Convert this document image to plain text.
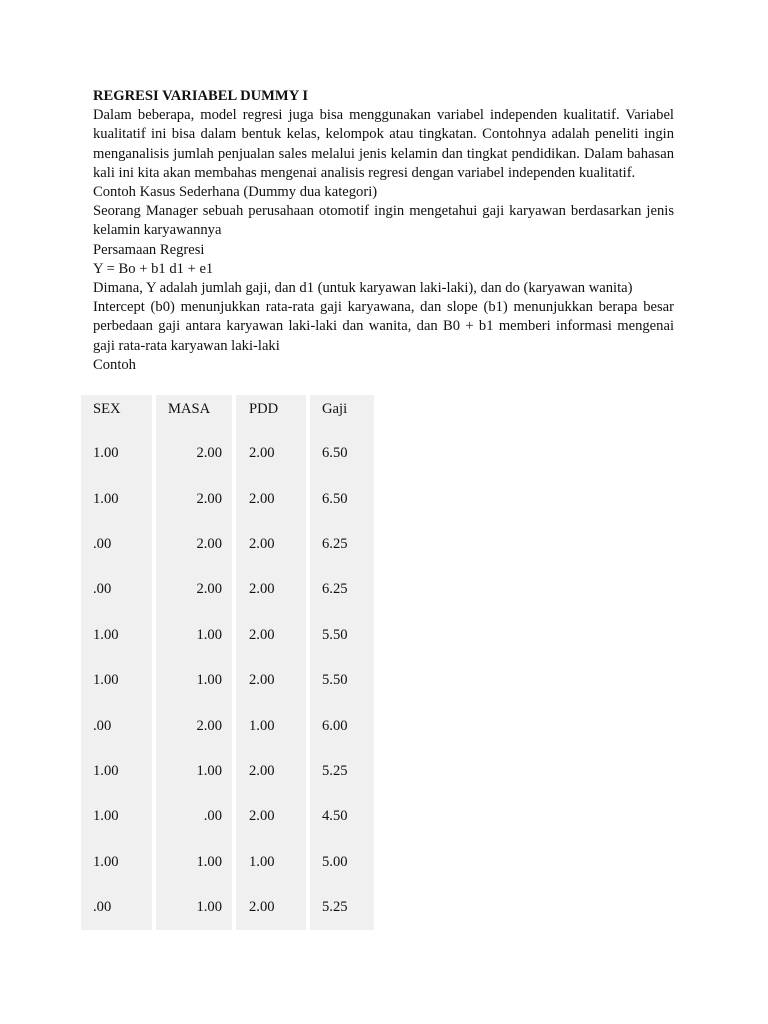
REGRESI VARIABEL DUMMY I
Dalam beberapa, model regresi juga bisa menggunakan variabel independen kualitatif. Variabel kualitatif ini bisa dalam bentuk kelas, kelompok atau tingkatan. Contohnya adalah peneliti ingin menganalisis jumlah penjualan sales melalui jenis kelamin dan tingkat pendidikan. Dalam bahasan kali ini kita akan membahas mengenai analisis regresi dengan variabel independen kualitatif.
Contoh Kasus Sederhana (Dummy dua kategori)
Seorang Manager sebuah perusahaan otomotif ingin mengetahui gaji karyawan berdasarkan jenis kelamin karyawannya
Persamaan Regresi
Y = Bo + b1 d1 + e1
Dimana, Y adalah jumlah gaji, dan d1 (untuk karyawan laki-laki), dan do (karyawan wanita)
Intercept (b0) menunjukkan rata-rata gaji karyawana, dan slope (b1) menunjukkan berapa besar perbedaan gaji antara karyawan laki-laki dan wanita, dan B0 + b1 memberi informasi mengenai gaji rata-rata karyawan laki-laki
Contoh
SEX	MASA	PDD	Gaji
1.00	2.00	2.00	6.50
1.00	2.00	2.00	6.50
.00	2.00	2.00	6.25
.00	2.00	2.00	6.25
1.00	1.00	2.00	5.50
1.00	1.00	2.00	5.50
.00	2.00	1.00	6.00
1.00	1.00	2.00	5.25
1.00	.00	2.00	4.50
1.00	1.00	1.00	5.00
.00	1.00	2.00	5.25
